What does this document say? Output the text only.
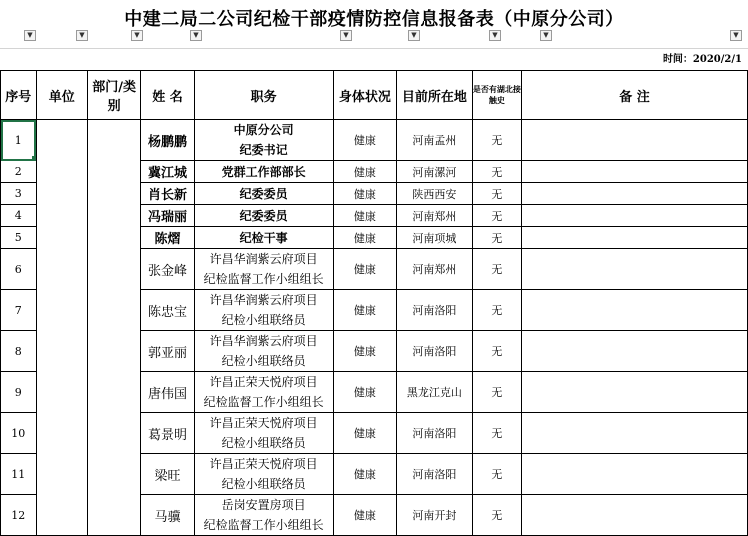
中建二局二公司纪检干部疫情防控信息报备表（中原分公司）
▼	▼	▼	▼	▼	▼	▼	▼	▼
时间：2020/2/1
序号	单位	部门/类别	姓 名	职务	身体状况	目前所在地	是否有湖北接触史	备 注
1			杨鹏鹏	中原分公司
纪委书记	健康	河南孟州	无	
2			冀江城	党群工作部部长	健康	河南漯河	无	
3			肖长新	纪委委员	健康	陕西西安	无	
4			冯瑞丽	纪委委员	健康	河南郑州	无	
5			陈熠	纪检干事	健康	河南项城	无	
6			张金峰	许昌华润紫云府项目
纪检监督工作小组组长	健康	河南郑州	无	
7			陈忠宝	许昌华润紫云府项目
纪检小组联络员	健康	河南洛阳	无	
8			郭亚丽	许昌华润紫云府项目
纪检小组联络员	健康	河南洛阳	无	
9			唐伟国	许昌正荣天悦府项目
纪检监督工作小组组长	健康	黑龙江克山	无	
10			葛景明	许昌正荣天悦府项目
纪检小组联络员	健康	河南洛阳	无	
11			梁旺	许昌正荣天悦府项目
纪检小组联络员	健康	河南洛阳	无	
12			马骥	岳岗安置房项目
纪检监督工作小组组长	健康	河南开封	无	
